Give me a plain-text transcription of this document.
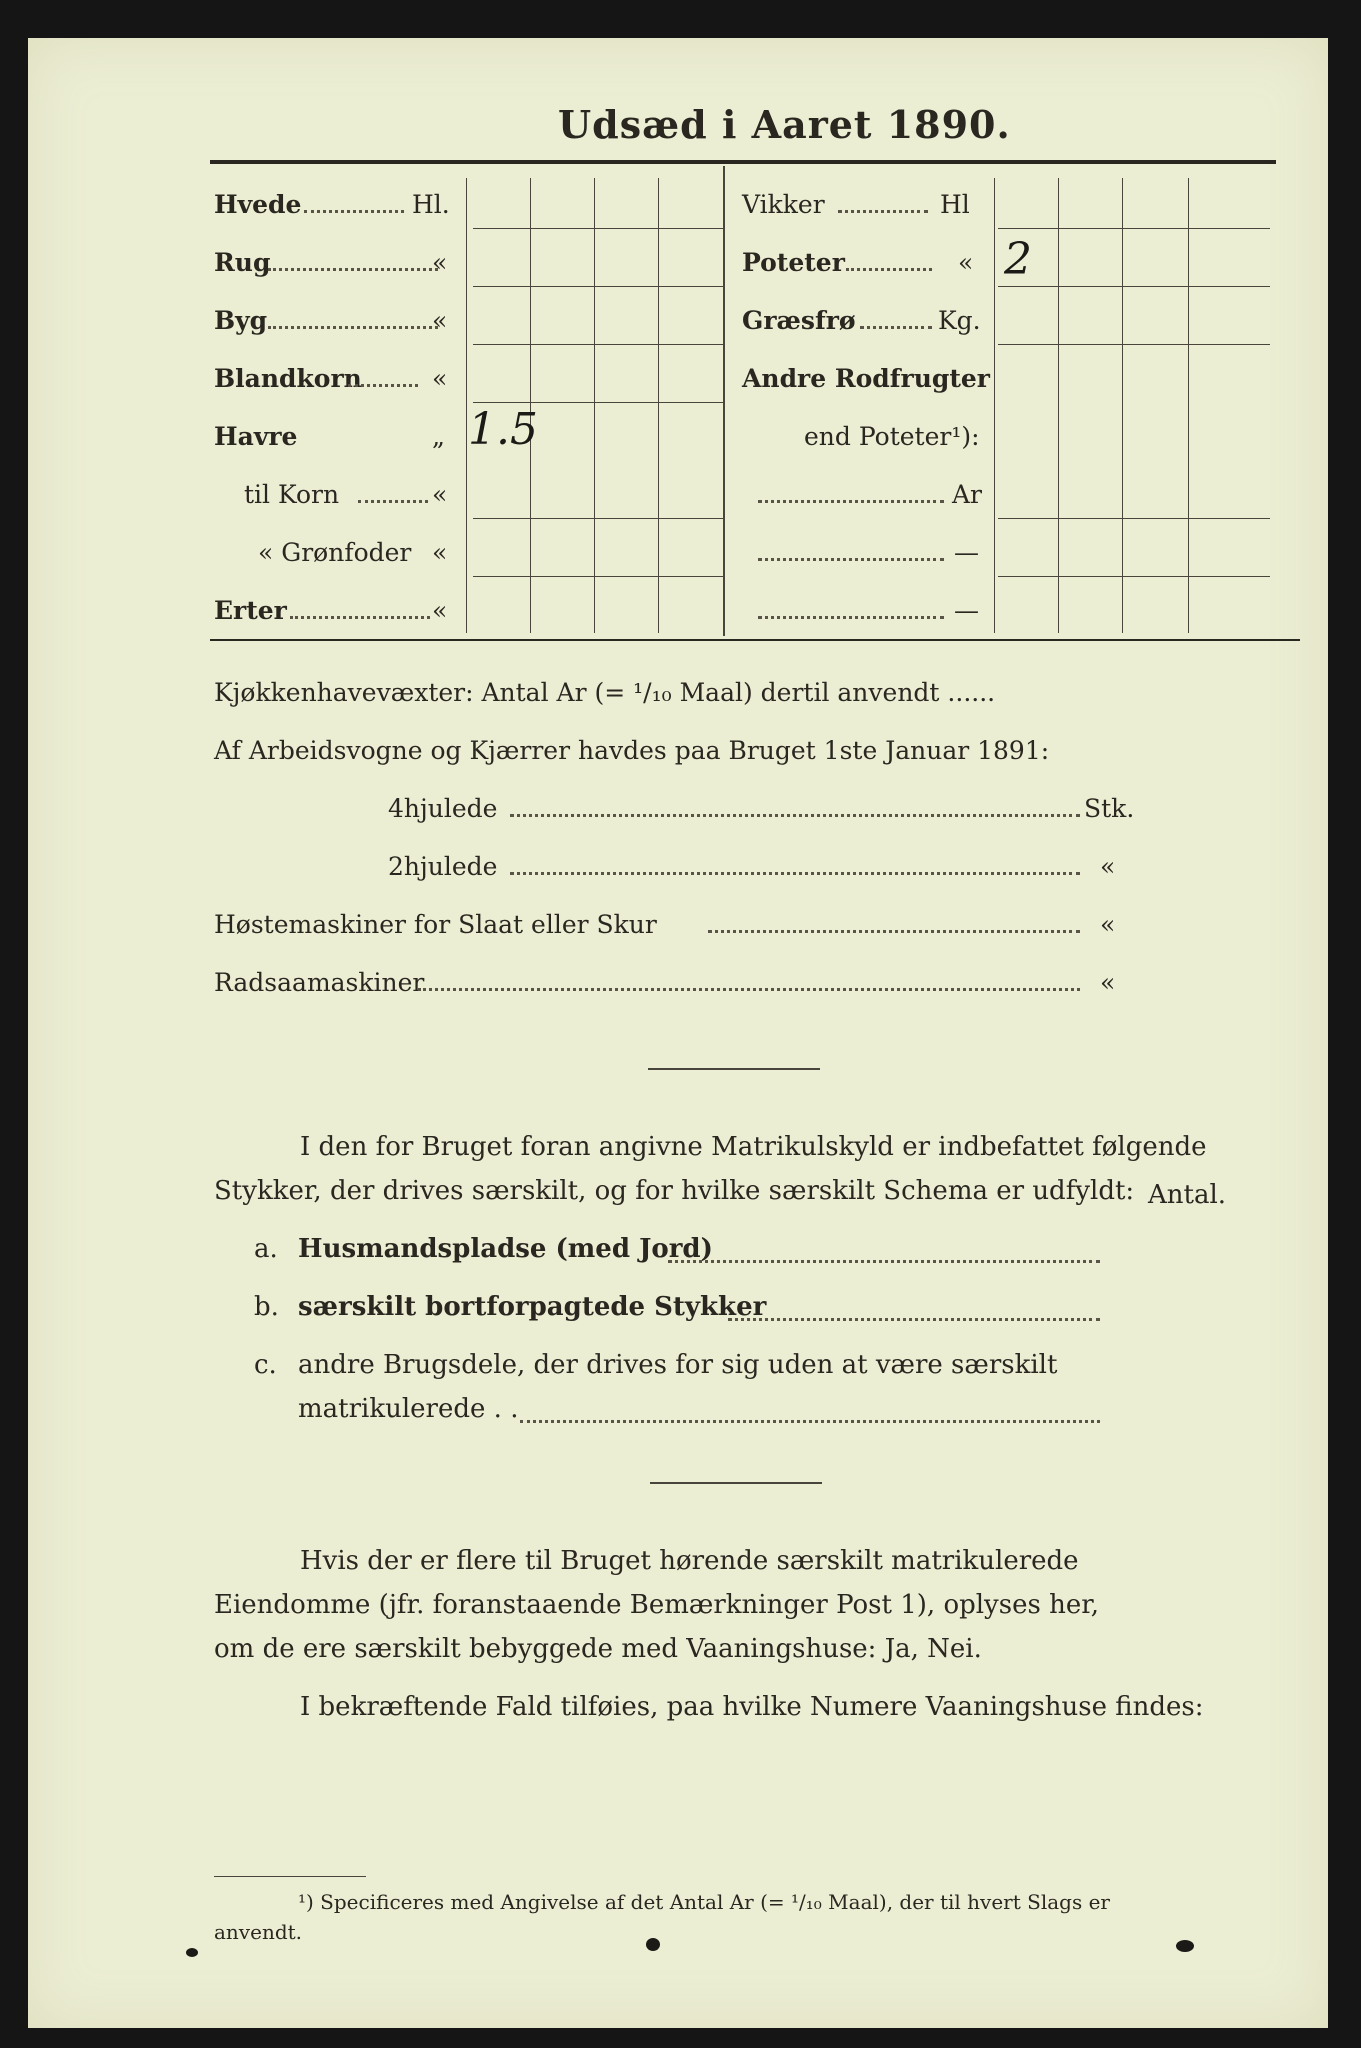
Udsæd i Aaret 1890.
Hvede	Hl.
Rug	«
Byg	«
Blandkorn	«
Havre	„ 1.5
til Korn	«
« Grønfoder «
Erter	«
Vikker	Hl
Poteter	« 2
Græsfrø	Kg.
Andre Rodfrugter
end Poteter¹):
Ar
—
—
Kjøkkenhavevæxter: Antal Ar (= ¹/₁₀ Maal) dertil anvendt ......
Af Arbeidsvogne og Kjærrer havdes paa Bruget 1ste Januar 1891:
4hjulede	Stk.
2hjulede	«
Høstemaskiner for Slaat eller Skur	«
Radsaamaskiner	«
I den for Bruget foran angivne Matrikulskyld er indbefattet følgende
Stykker, der drives særskilt, og for hvilke særskilt Schema er udfyldt: Antal.
a. Husmandspladse (med Jord)
b. særskilt bortforpagtede Stykker
c. andre Brugsdele, der drives for sig uden at være særskilt
matrikulerede . .
Hvis der er flere til Bruget hørende særskilt matrikulerede
Eiendomme (jfr. foranstaaende Bemærkninger Post 1), oplyses her,
om de ere særskilt bebyggede med Vaaningshuse: Ja, Nei.
I bekræftende Fald tilføies, paa hvilke Numere Vaaningshuse findes:
¹) Specificeres med Angivelse af det Antal Ar (= ¹/₁₀ Maal), der til hvert Slags er
anvendt.
